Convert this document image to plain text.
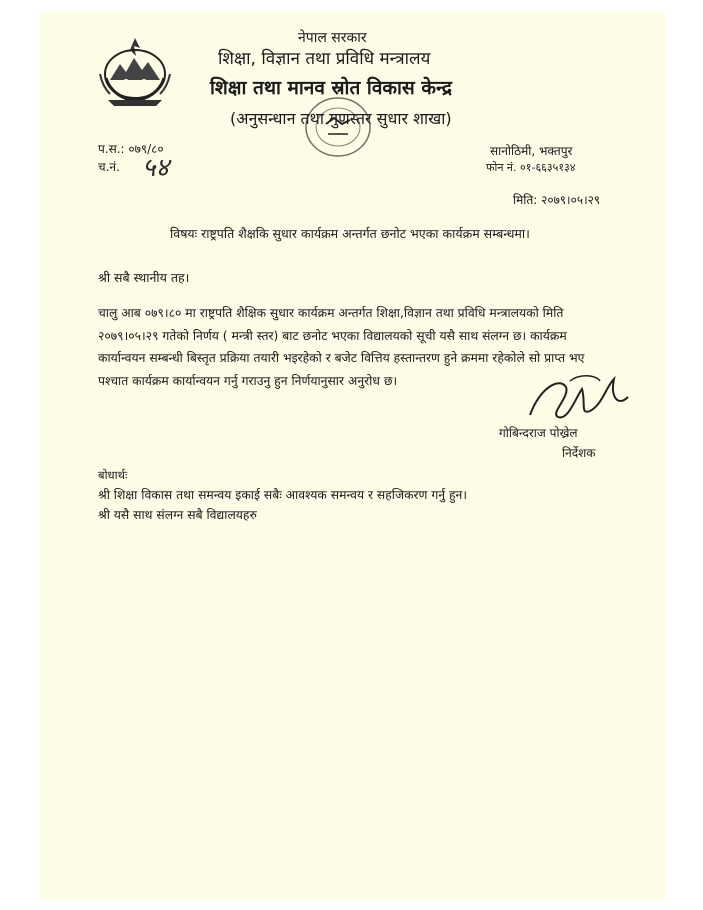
नेपाल सरकार
शिक्षा, विज्ञान तथा प्रविधि मन्त्रालय
शिक्षा तथा मानव स्रोत विकास केन्द्र
(अनुसन्धान तथा गुणस्तर सुधार शाखा)
प.स.: ०७९/८०
च.नं. ५४
सानोठिमी, भक्तपुर
फोन नं. ०१-६६३५१३४
मिति: २०७९।०५।२९
विषयः राष्ट्रपति शैक्षकि सुधार कार्यक्रम अन्तर्गत छनोट भएका कार्यक्रम सम्बन्धमा।
श्री सबै स्थानीय तह।
चालु आब ०७९।८० मा राष्ट्रपति शैक्षिक सुधार कार्यक्रम अन्तर्गत शिक्षा,विज्ञान तथा प्रविधि मन्त्रालयको मिति
२०७९।०५।२९ गतेको निर्णय ( मन्त्री स्तर) बाट छनोट भएका विद्यालयको सूची यसै साथ संलग्न छ। कार्यक्रम
कार्यान्वयन सम्बन्धी बिस्तृत प्रक्रिया तयारी भइरहेको र बजेट वित्तिय हस्तान्तरण हुने क्रममा रहेकोले सो प्राप्त भए
पश्चात कार्यक्रम कार्यान्वयन गर्नु गराउनु हुन निर्णयानुसार अनुरोध छ।
गोबिन्दराज पोख्रेल
निर्देशक
बोधार्थः
श्री शिक्षा विकास तथा समन्वय इकाई सबैः आवश्यक समन्वय र सहजिकरण गर्नु हुन।
श्री यसै साथ संलग्न सबै विद्यालयहरु
